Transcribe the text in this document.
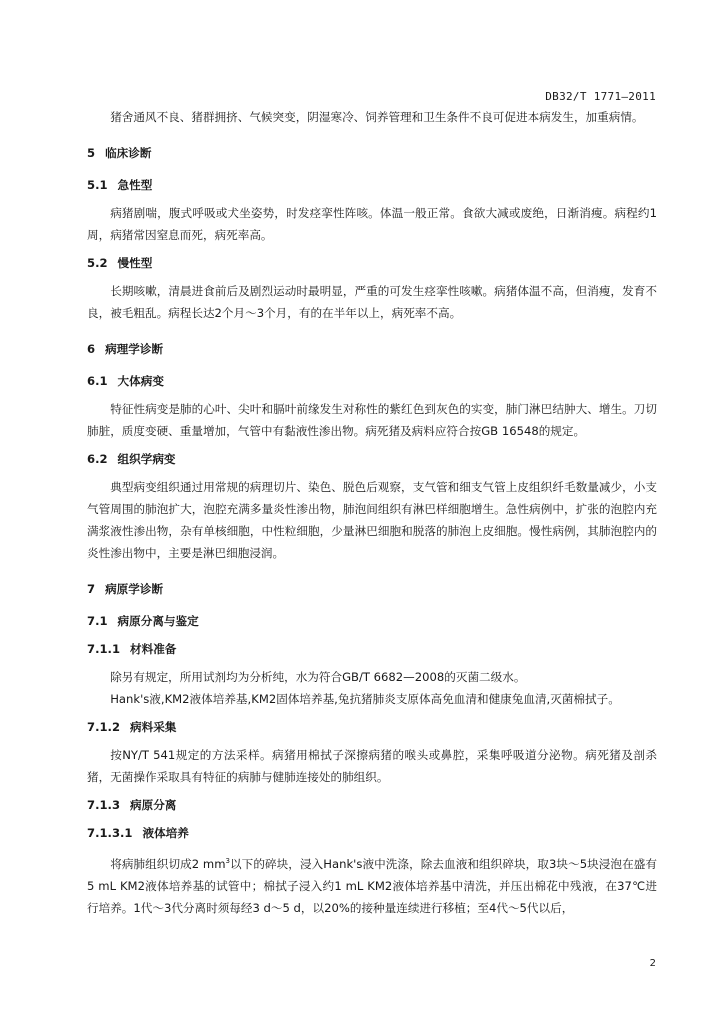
DB32/T 1771—2011

猪舍通风不良、猪群拥挤、气候突变，阴湿寒冷、饲养管理和卫生条件不良可促进本病发生，加重病情。

5 临床诊断

5.1 急性型

病猪剧喘，腹式呼吸或犬坐姿势，时发痉挛性阵咳。体温一般正常。食欲大减或废绝，日渐消瘦。病程约1周，病猪常因窒息而死，病死率高。

5.2 慢性型

长期咳嗽，清晨进食前后及剧烈运动时最明显，严重的可发生痉挛性咳嗽。病猪体温不高，但消瘦，发育不良，被毛粗乱。病程长达2个月～3个月，有的在半年以上，病死率不高。

6 病理学诊断

6.1 大体病变

特征性病变是肺的心叶、尖叶和膈叶前缘发生对称性的紫红色到灰色的实变，肺门淋巴结肿大、增生。刀切肺脏，质度变硬、重量增加，气管中有黏液性渗出物。病死猪及病料应符合按GB 16548的规定。

6.2 组织学病变

典型病变组织通过用常规的病理切片、染色、脱色后观察，支气管和细支气管上皮组织纤毛数量减少，小支气管周围的肺泡扩大，泡腔充满多量炎性渗出物，肺泡间组织有淋巴样细胞增生。急性病例中，扩张的泡腔内充满浆液性渗出物，杂有单核细胞，中性粒细胞，少量淋巴细胞和脱落的肺泡上皮细胞。慢性病例，其肺泡腔内的炎性渗出物中，主要是淋巴细胞浸润。

7 病原学诊断

7.1 病原分离与鉴定

7.1.1 材料准备

除另有规定，所用试剂均为分析纯，水为符合GB/T 6682—2008的灭菌二级水。

Hank's液,KM2液体培养基,KM2固体培养基,兔抗猪肺炎支原体高免血清和健康兔血清,灭菌棉拭子。

7.1.2 病料采集

按NY/T 541规定的方法采样。病猪用棉拭子深擦病猪的喉头或鼻腔，采集呼吸道分泌物。病死猪及剖杀猪，无菌操作采取具有特征的病肺与健肺连接处的肺组织。

7.1.3 病原分离

7.1.3.1 液体培养

将病肺组织切成2 $mm^3$以下的碎块，浸入Hank's液中洗涤，除去血液和组织碎块，取3块～5块浸泡在盛有5 mL KM2液体培养基的试管中；棉拭子浸入约1 mL KM2液体培养基中清洗，并压出棉花中残液，在37℃进行培养。1代～3代分离时须每经3 d～5 d，以20%的接种量连续进行移植；至4代～5代以后，

2
